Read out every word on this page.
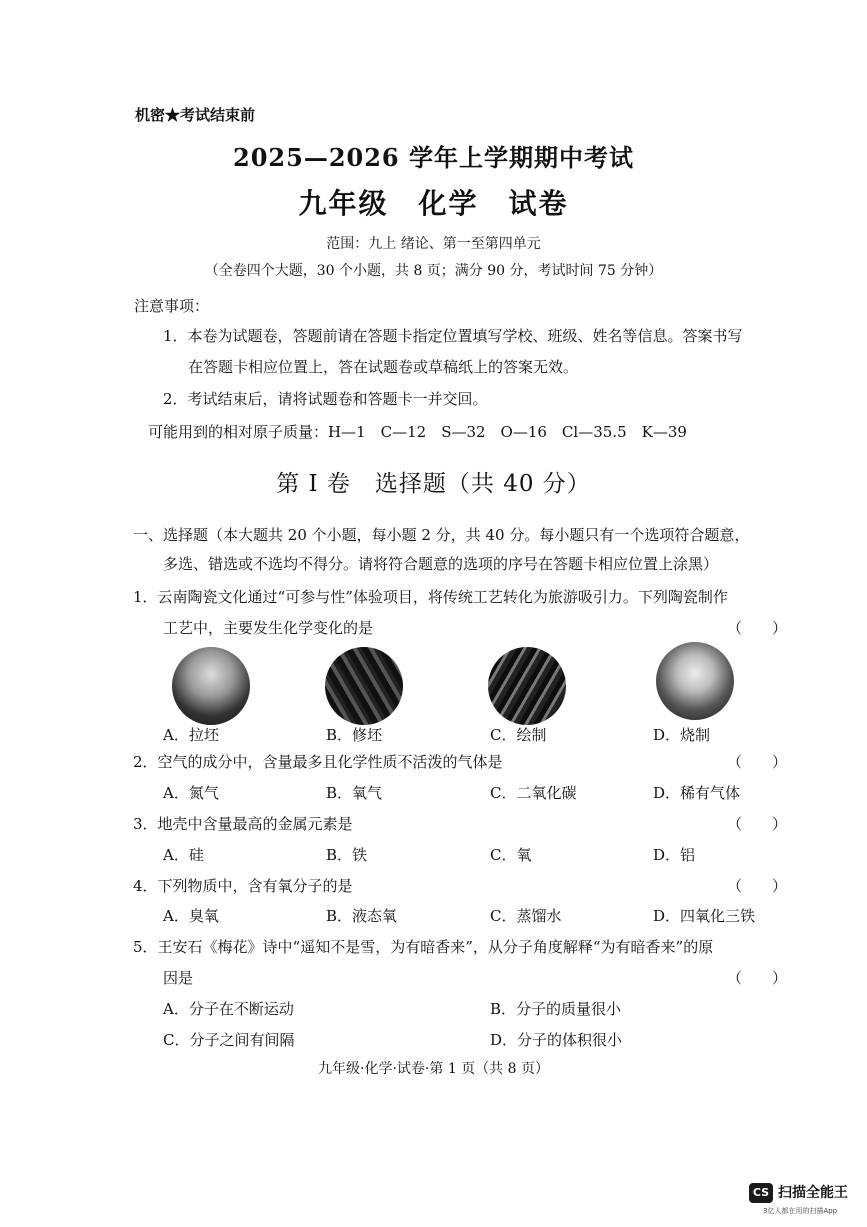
机密★考试结束前
2025—2026 学年上学期期中考试
九年级　化学　试卷
范围：九上 绪论、第一至第四单元
（全卷四个大题，30 个小题，共 8 页；满分 90 分，考试时间 75 分钟）
注意事项：
1．本卷为试题卷，答题前请在答题卡指定位置填写学校、班级、姓名等信息。答案书写
在答题卡相应位置上，答在试题卷或草稿纸上的答案无效。
2．考试结束后，请将试题卷和答题卡一并交回。
可能用到的相对原子质量：H—1　C—12　S—32　O—16　Cl—35.5　K—39
第 I 卷　选择题（共 40 分）
一、选择题（本大题共 20 个小题，每小题 2 分，共 40 分。每小题只有一个选项符合题意，
多选、错选或不选均不得分。请将符合题意的选项的序号在答题卡相应位置上涂黑）
1．云南陶瓷文化通过“可参与性”体验项目，将传统工艺转化为旅游吸引力。下列陶瓷制作
工艺中，主要发生化学变化的是	（　　）
A．拉坯	B．修坯	C．绘制	D．烧制
2．空气的成分中，含量最多且化学性质不活泼的气体是	（　　）
A．氮气	B．氧气	C．二氧化碳	D．稀有气体
3．地壳中含量最高的金属元素是	（　　）
A．硅	B．铁	C．氧	D．铝
4．下列物质中，含有氧分子的是	（　　）
A．臭氧	B．液态氧	C．蒸馏水	D．四氧化三铁
5．王安石《梅花》诗中“遥知不是雪，为有暗香来”，从分子角度解释“为有暗香来”的原
因是	（　　）
A．分子在不断运动	B．分子的质量很小
C．分子之间有间隔	D．分子的体积很小
九年级·化学·试卷·第 1 页（共 8 页）
CS 扫描全能王
3亿人都在用的扫描App
